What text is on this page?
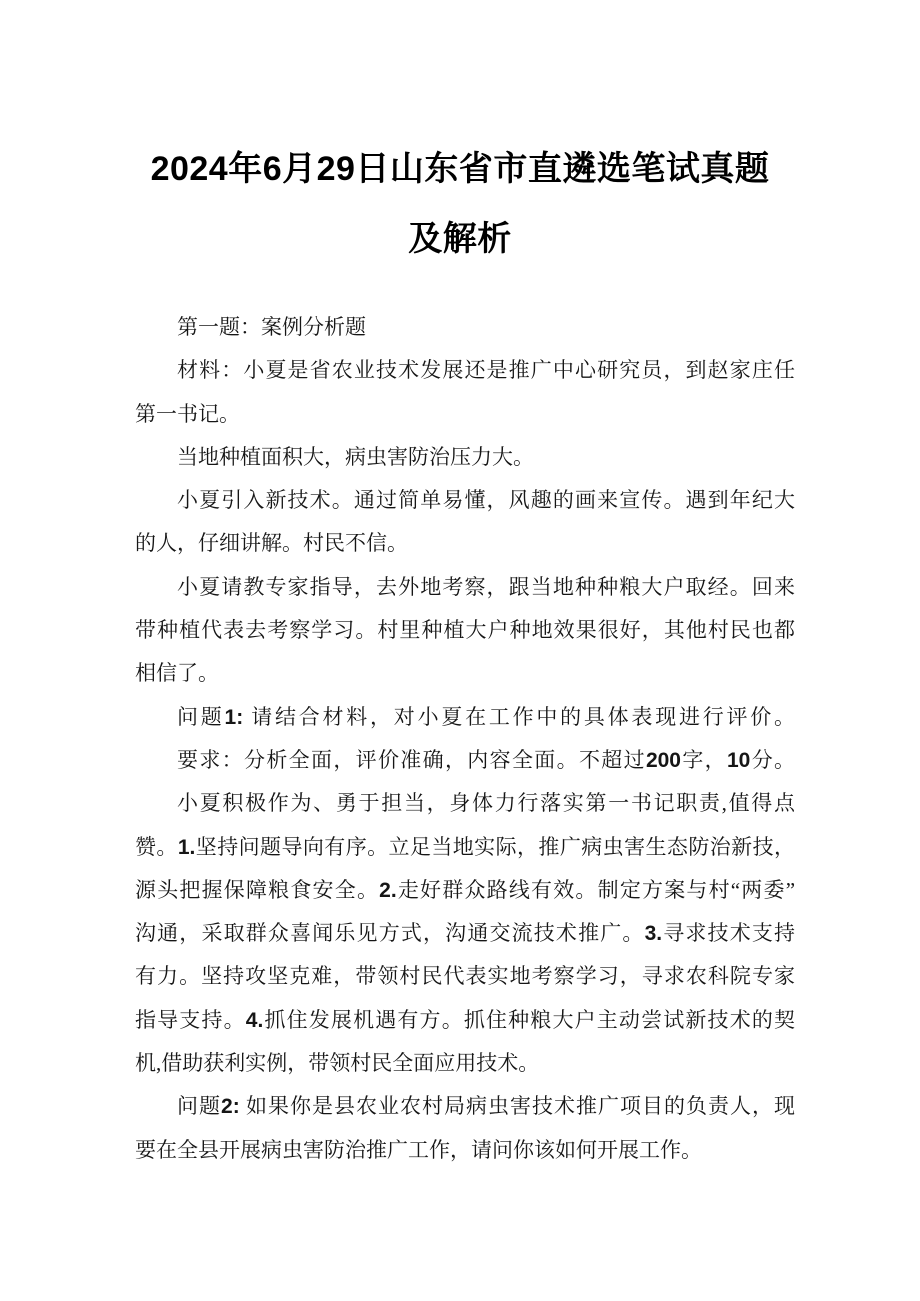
2024年6月29日山东省市直遴选笔试真题
及解析
第一题：案例分析题
材料：小夏是省农业技术发展还是推广中心研究员，到赵家庄任
第一书记。
当地种植面积大，病虫害防治压力大。
小夏引入新技术。通过简单易懂，风趣的画来宣传。遇到年纪大
的人，仔细讲解。村民不信。
小夏请教专家指导，去外地考察，跟当地种种粮大户取经。回来
带种植代表去考察学习。村里种植大户种地效果很好，其他村民也都
相信了。
问题1: 请结合材料，对小夏在工作中的具体表现进行评价。
要求：分析全面，评价准确，内容全面。不超过200字，10分。
小夏积极作为、勇于担当，身体力行落实第一书记职责,值得点
赞。1.坚持问题导向有序。立足当地实际，推广病虫害生态防治新技，
源头把握保障粮食安全。2.走好群众路线有效。制定方案与村“两委”
沟通，采取群众喜闻乐见方式，沟通交流技术推广。3.寻求技术支持
有力。坚持攻坚克难，带领村民代表实地考察学习，寻求农科院专家
指导支持。4.抓住发展机遇有方。抓住种粮大户主动尝试新技术的契
机,借助获利实例，带领村民全面应用技术。
问题2: 如果你是县农业农村局病虫害技术推广项目的负责人，现
要在全县开展病虫害防治推广工作，请问你该如何开展工作。
